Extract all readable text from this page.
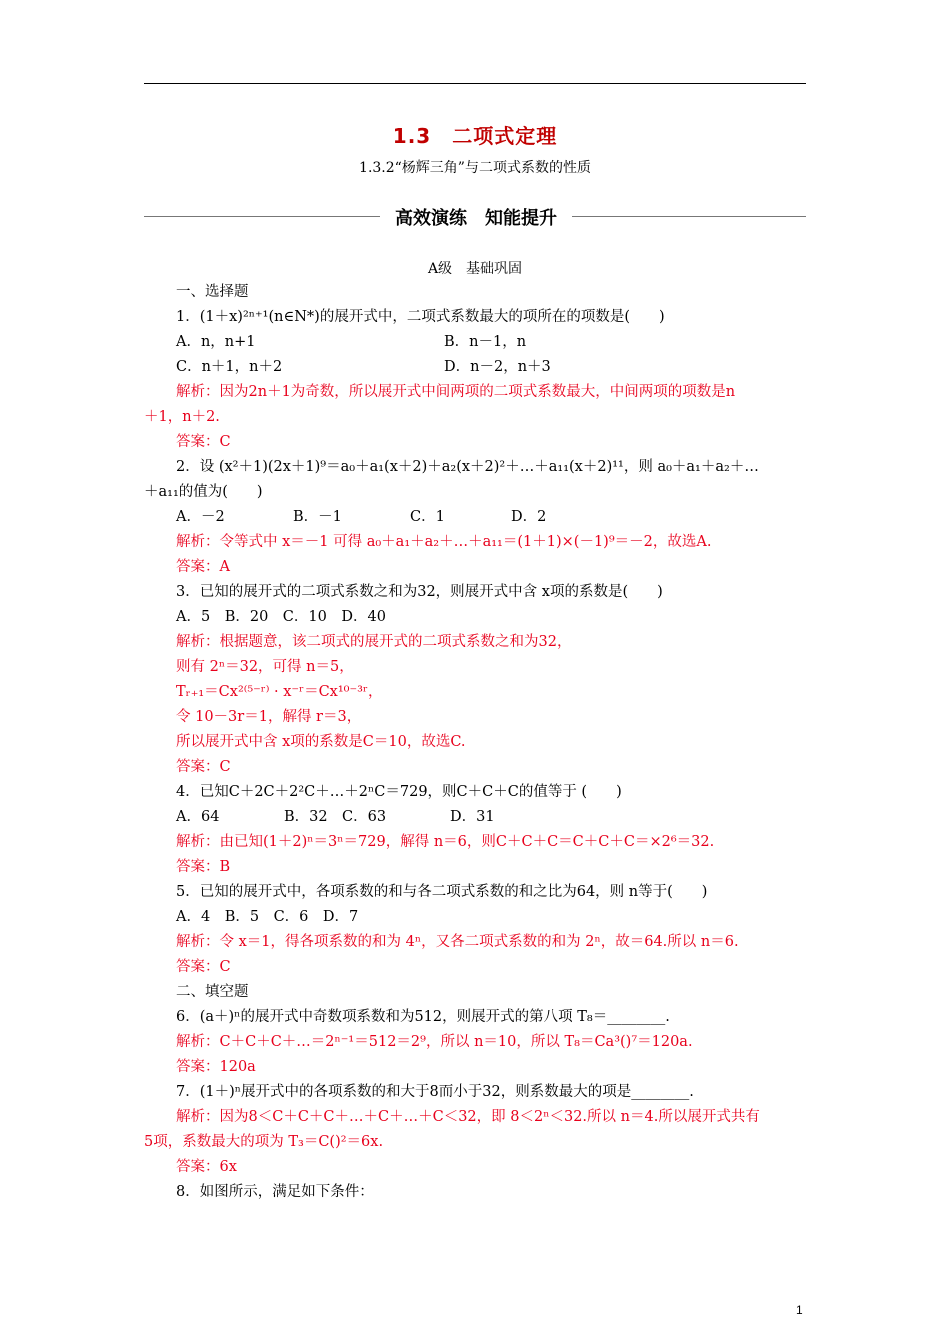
1.3　二项式定理
1.3.2“杨辉三角”与二项式系数的性质
高效演练　知能提升
A级　基础巩固
一、选择题
1．(1＋x)²ⁿ⁺¹(n∈N*)的展开式中，二项式系数最大的项所在的项数是(　　)
A．n，n+1	B．n－1，n
C．n＋1，n＋2	D．n－2，n＋3
解析：因为2n＋1为奇数，所以展开式中间两项的二项式系数最大，中间两项的项数是n
＋1，n＋2.
答案：C
2．设 (x²＋1)(2x＋1)⁹＝a₀＋a₁(x＋2)＋a₂(x＋2)²＋…＋a₁₁(x＋2)¹¹，则 a₀＋a₁＋a₂＋…
＋a₁₁的值为(　　)
A．－2	B．－1	C．1	D．2
解析：令等式中 x＝－1 可得 a₀＋a₁＋a₂＋…＋a₁₁＝(1＋1)×(－1)⁹＝－2，故选A.
答案：A
3．已知的展开式的二项式系数之和为32，则展开式中含 x项的系数是(　　)
A．5　B．20　C．10　D．40
解析：根据题意，该二项式的展开式的二项式系数之和为32，
则有 2ⁿ＝32，可得 n＝5，
Tᵣ₊₁＝Cx²⁽⁵⁻ʳ⁾ · x⁻ʳ＝Cx¹⁰⁻³ʳ，
令 10－3r＝1，解得 r＝3，
所以展开式中含 x项的系数是C＝10，故选C.
答案：C
4．已知C＋2C＋2²C＋…＋2ⁿC＝729，则C＋C＋C的值等于 (　　)
A．64	B．32 C．63	D．31
解析：由已知(1＋2)ⁿ＝3ⁿ＝729，解得 n＝6，则C＋C＋C＝C＋C＋C＝×2⁶＝32.
答案：B
5．已知的展开式中，各项系数的和与各二项式系数的和之比为64，则 n等于(　　)
A．4　B．5　C．6　D．7
解析：令 x＝1，得各项系数的和为 4ⁿ，又各二项式系数的和为 2ⁿ，故＝64.所以 n＝6.
答案：C
二、填空题
6．(a＋)ⁿ的展开式中奇数项系数和为512，则展开式的第八项 T₈＝________.
解析：C＋C＋C＋…＝2ⁿ⁻¹＝512＝2⁹，所以 n＝10，所以 T₈＝Ca³()⁷＝120a.
答案：120a
7．(1＋)ⁿ展开式中的各项系数的和大于8而小于32，则系数最大的项是________.
解析：因为8＜C＋C＋C＋…＋C＋…＋C＜32，即 8＜2ⁿ＜32.所以 n＝4.所以展开式共有
5项，系数最大的项为 T₃＝C()²＝6x.
答案：6x
8．如图所示，满足如下条件：
1
